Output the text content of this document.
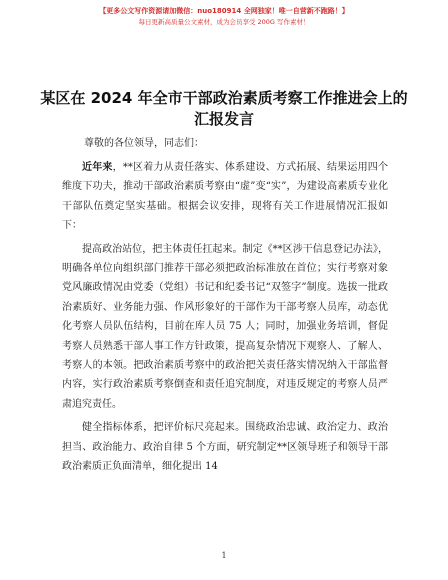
【更多公文写作资源请加微信：nuo180914 全网独家！唯一自营新不跑路！】
每日更新高质量公文素材，成为会员享受 200G 写作素材！
某区在 2024 年全市干部政治素质考察工作推进会上的汇报发言
尊敬的各位领导，同志们：

近年来，**区着力从责任落实、体系建设、方式拓展、结果运用四个维度下功夫，推动干部政治素质考察由“虚”变“实”，为建设高素质专业化干部队伍奠定坚实基础。根据会议安排，现将有关工作进展情况汇报如下：

提高政治站位，把主体责任扛起来。制定《**区涉干信息登记办法》，明确各单位向组织部门推荐干部必须把政治标准放在首位；实行考察对象党风廉政情况由党委（党组）书记和纪委书记“双签字”制度。选拔一批政治素质好、业务能力强、作风形象好的干部作为干部考察人员库，动态优化考察人员队伍结构，目前在库人员 75 人；同时，加强业务培训，督促考察人员熟悉干部人事工作方针政策，提高复杂情况下观察人、了解人、考察人的本领。把政治素质考察中的政治把关责任落实情况纳入干部监督内容，实行政治素质考察倒查和责任追究制度，对违反规定的考察人员严肃追究责任。

健全指标体系，把评价标尺亮起来。围绕政治忠诚、政治定力、政治担当、政治能力、政治自律 5 个方面，研究制定**区领导班子和领导干部政治素质正负面清单，细化提出 14

1
